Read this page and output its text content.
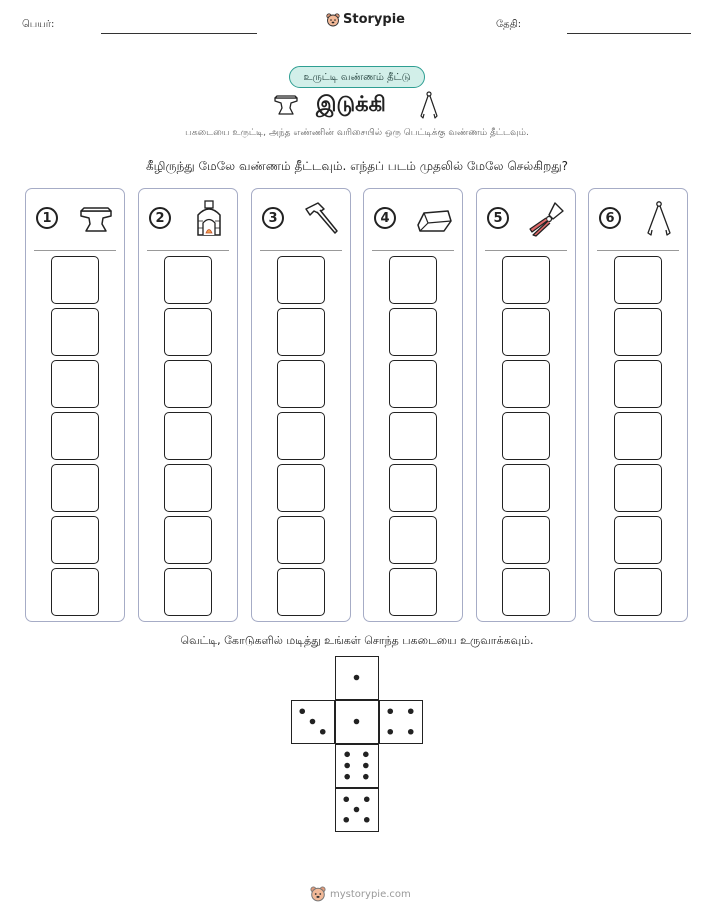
பெயர்:	Storypie	தேதி:
உருட்டி வண்ணம் தீட்டு
இடுக்கி
பகடையை உருட்டி, அந்த எண்ணின் வரிசையில் ஒரு பெட்டிக்கு வண்ணம் தீட்டவும்.
கீழிருந்து மேலே வண்ணம் தீட்டவும். எந்தப் படம் முதலில் மேலே செல்கிறது?
1	2	3	4	5	6
வெட்டி, கோடுகளில் மடித்து உங்கள் சொந்த பகடையை உருவாக்கவும்.
mystorypie.com
